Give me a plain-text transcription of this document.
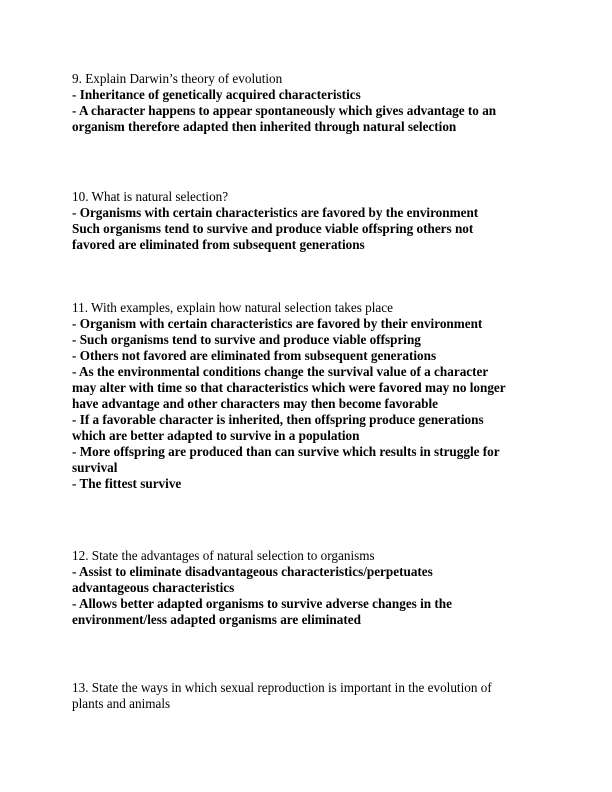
9. Explain Darwin’s theory of evolution

- Inheritance of genetically acquired characteristics
- A character happens to appear spontaneously which gives advantage to an
organism therefore adapted then inherited through natural selection

10. What is natural selection?

- Organisms with certain characteristics are favored by the environment
Such organisms tend to survive and produce viable offspring others not
favored are eliminated from subsequent generations

11. With examples, explain how natural selection takes place

- Organism with certain characteristics are favored by their environment
- Such organisms tend to survive and produce viable offspring
- Others not favored are eliminated from subsequent generations
- As the environmental conditions change the survival value of a character
may alter with time so that characteristics which were favored may no longer
have advantage and other characters may then become favorable
- If a favorable character is inherited, then offspring produce generations
which are better adapted to survive in a population
- More offspring are produced than can survive which results in struggle for
survival
- The fittest survive

12. State the advantages of natural selection to organisms

- Assist to eliminate disadvantageous characteristics/perpetuates
advantageous characteristics
- Allows better adapted organisms to survive adverse changes in the
environment/less adapted organisms are eliminated
13. State the ways in which sexual reproduction is important in the evolution of
plants and animals
